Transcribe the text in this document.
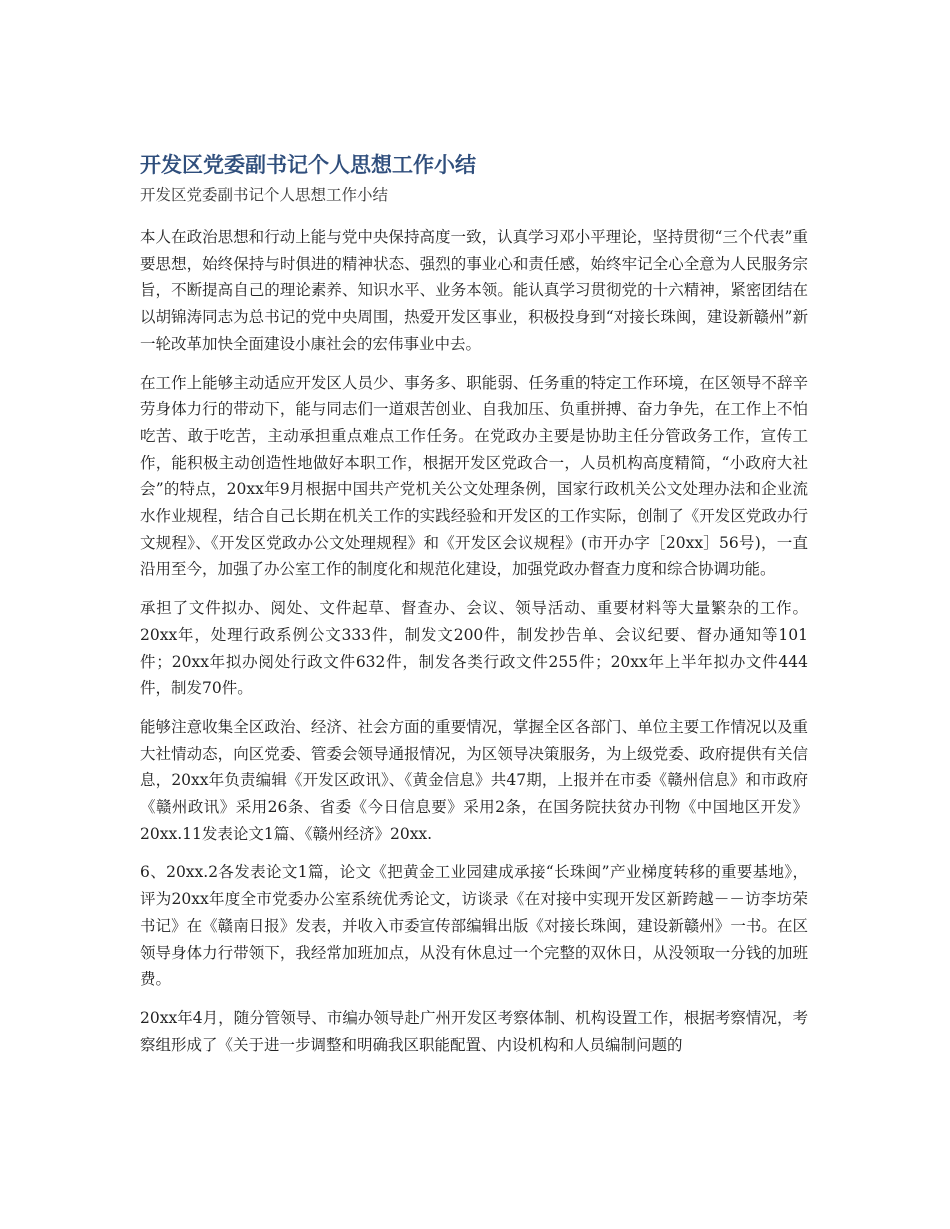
开发区党委副书记个人思想工作小结
开发区党委副书记个人思想工作小结

本人在政治思想和行动上能与党中央保持高度一致，认真学习邓小平理论，坚持贯彻“三个代表”重要思想，始终保持与时俱进的精神状态、强烈的事业心和责任感，始终牢记全心全意为人民服务宗旨，不断提高自己的理论素养、知识水平、业务本领。能认真学习贯彻党的十六精神，紧密团结在以胡锦涛同志为总书记的党中央周围，热爱开发区事业，积极投身到“对接长珠闽，建设新赣州”新一轮改革加快全面建设小康社会的宏伟事业中去。

在工作上能够主动适应开发区人员少、事务多、职能弱、任务重的特定工作环境，在区领导不辞辛劳身体力行的带动下，能与同志们一道艰苦创业、自我加压、负重拼搏、奋力争先，在工作上不怕吃苦、敢于吃苦，主动承担重点难点工作任务。在党政办主要是协助主任分管政务工作，宣传工作，能积极主动创造性地做好本职工作，根据开发区党政合一，人员机构高度精简，“小政府大社会”的特点，20xx年9月根据中国共产党机关公文处理条例，国家行政机关公文处理办法和企业流水作业规程，结合自己长期在机关工作的实践经验和开发区的工作实际，创制了《开发区党政办行文规程》、《开发区党政办公文处理规程》和《开发区会议规程》(市开办字［20xx］56号)，一直沿用至今，加强了办公室工作的制度化和规范化建设，加强党政办督查力度和综合协调功能。

承担了文件拟办、阅处、文件起草、督查办、会议、领导活动、重要材料等大量繁杂的工作。20xx年，处理行政系例公文333件，制发文200件，制发抄告单、会议纪要、督办通知等101件；20xx年拟办阅处行政文件632件，制发各类行政文件255件；20xx年上半年拟办文件444件，制发70件。

能够注意收集全区政治、经济、社会方面的重要情况，掌握全区各部门、单位主要工作情况以及重大社情动态，向区党委、管委会领导通报情况，为区领导决策服务，为上级党委、政府提供有关信息，20xx年负责编辑《开发区政讯》、《黄金信息》共47期，上报并在市委《赣州信息》和市政府《赣州政讯》采用26条、省委《今日信息要》采用2条，在国务院扶贫办刊物《中国地区开发》20xx.11发表论文1篇、《赣州经济》20xx.

6、20xx.2各发表论文1篇，论文《把黄金工业园建成承接“长珠闽”产业梯度转移的重要基地》，评为20xx年度全市党委办公室系统优秀论文，访谈录《在对接中实现开发区新跨越－－访李坊荣书记》在《赣南日报》发表，并收入市委宣传部编辑出版《对接长珠闽，建设新赣州》一书。在区领导身体力行带领下，我经常加班加点，从没有休息过一个完整的双休日，从没领取一分钱的加班费。

20xx年4月，随分管领导、市编办领导赴广州开发区考察体制、机构设置工作，根据考察情况，考察组形成了《关于进一步调整和明确我区职能配置、内设机构和人员编制问题的
